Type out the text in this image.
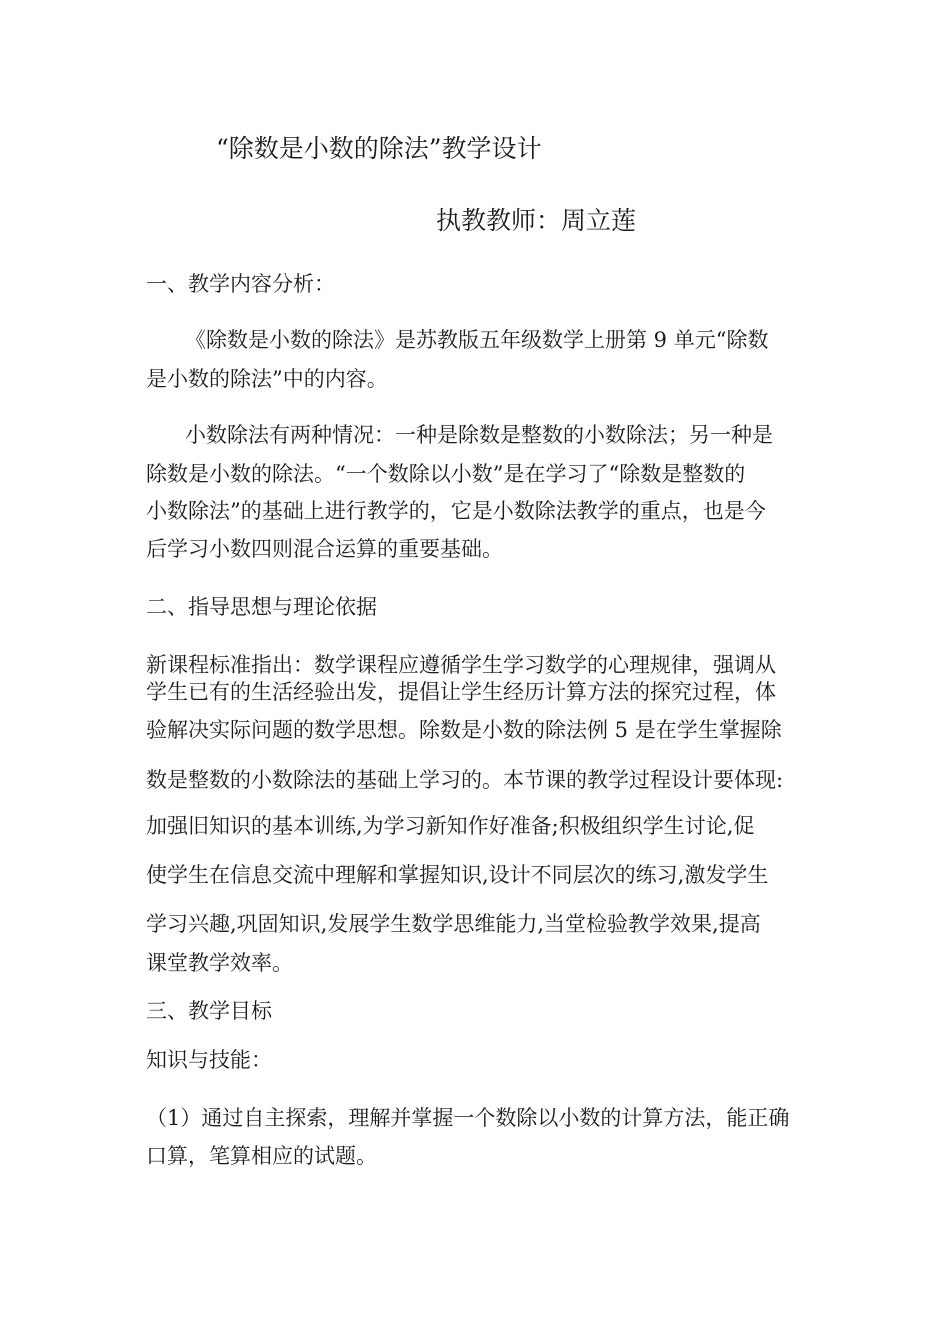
“除数是小数的除法”教学设计
执教教师：周立莲
一、教学内容分析：
《除数是小数的除法》是苏教版五年级数学上册第 9 单元“除数
是小数的除法”中的内容。
小数除法有两种情况：一种是除数是整数的小数除法；另一种是
除数是小数的除法。“一个数除以小数”是在学习了“除数是整数的
小数除法”的基础上进行教学的，它是小数除法教学的重点，也是今
后学习小数四则混合运算的重要基础。
二、指导思想与理论依据
新课程标准指出：数学课程应遵循学生学习数学的心理规律，强调从
学生已有的生活经验出发，提倡让学生经历计算方法的探究过程，体
验解决实际问题的数学思想。除数是小数的除法例 5 是在学生掌握除
数是整数的小数除法的基础上学习的。本节课的教学过程设计要体现:
加强旧知识的基本训练,为学习新知作好准备;积极组织学生讨论,促
使学生在信息交流中理解和掌握知识,设计不同层次的练习,激发学生
学习兴趣,巩固知识,发展学生数学思维能力,当堂检验教学效果,提高
课堂教学效率。
三、教学目标
知识与技能：
（1）通过自主探索，理解并掌握一个数除以小数的计算方法，能正确
口算，笔算相应的试题。
